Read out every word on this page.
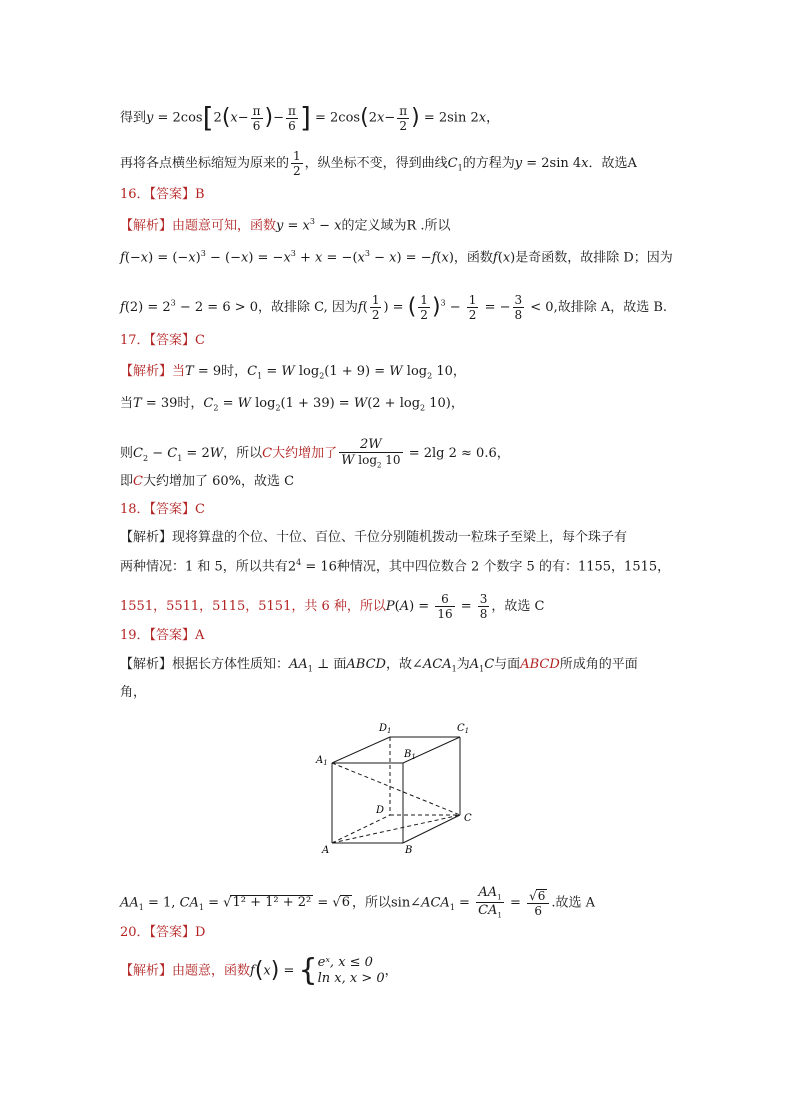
得到$y = 2\cos[2(x- \frac{\pi}{6}$ )− $\frac{\pi}{6}$ ] = $2\cos(2x- \frac{\pi}{2}$ ) = 2sin 2x，
再将各点横坐标缩短为原来的 $\frac{1}{2}$ ，纵坐标不变，得到曲线$C_1$的方程为y = 2sin 4x．故选A
16．【答案】B
【解析】由题意可知，函数$y = x^3 - x$的定义域为R .所以
$f(-x) = (-x)^3 - (-x) = -x^3 + x = -(x^3 - x) = -f(x)$，函数f(x)是奇函数，故排除 D；因为
$f(2) = 2^3 - 2 = 6 > 0$，故排除 C, 因为$f( \frac{1}{2}$ ) = ( $\frac{1}{2} )^3 - \frac{1}{2}$ = − $\frac{3}{8} < 0$,故排除 A，故选 B.
17．【答案】C
【解析】当T = 9时，$C_1 = W$ $\log_2(1 + 9) = W$ $\log_2 10$，
当T = 39时，$C_2 = W$ $\log_2(1 + 39) = W(2 + \log_2 10)$，
则$C_2 - C_1 = 2W$，所以C大约增加了 $\frac{2W}{W \log_2 10} = 2\lg$ 2 ≈ 0.6，
即C大约增加了 60%，故选 C
18．【答案】C
【解析】现将算盘的个位、十位、百位、千位分别随机拨动一粒珠子至梁上，每个珠子有
两种情况：1 和 5，所以共有$2^4 = 16$种情况，其中四位数合 2 个数字 5 的有：1155，1515，
1551，5511，5115，5151，共 6 种，所以$P(A) = \frac{6}{16} = \frac{3}{8}$ ，故选 C
19．【答案】A
【解析】根据长方体性质知：$AA_1$ ⊥ 面ABCD，故$\angle ACA_1$为$A_1C$与面ABCD所成角的平面
角，
$D_1$	$C_1$
$B_1$
$A_1$
D
C
A	B
$AA_1 = 1$, $CA_1 = √1^2 + 1^2 + 2^2 = √6$ ，所以$\sin\angle ACA_1 = \frac{AA_1}{CA_1} = \frac{√6}{6}$ .故选 A
20．【答案】D
【解析】由题意，函数f(x) = { eˣ, x ≤ 0
ln x, x > 0 ，
